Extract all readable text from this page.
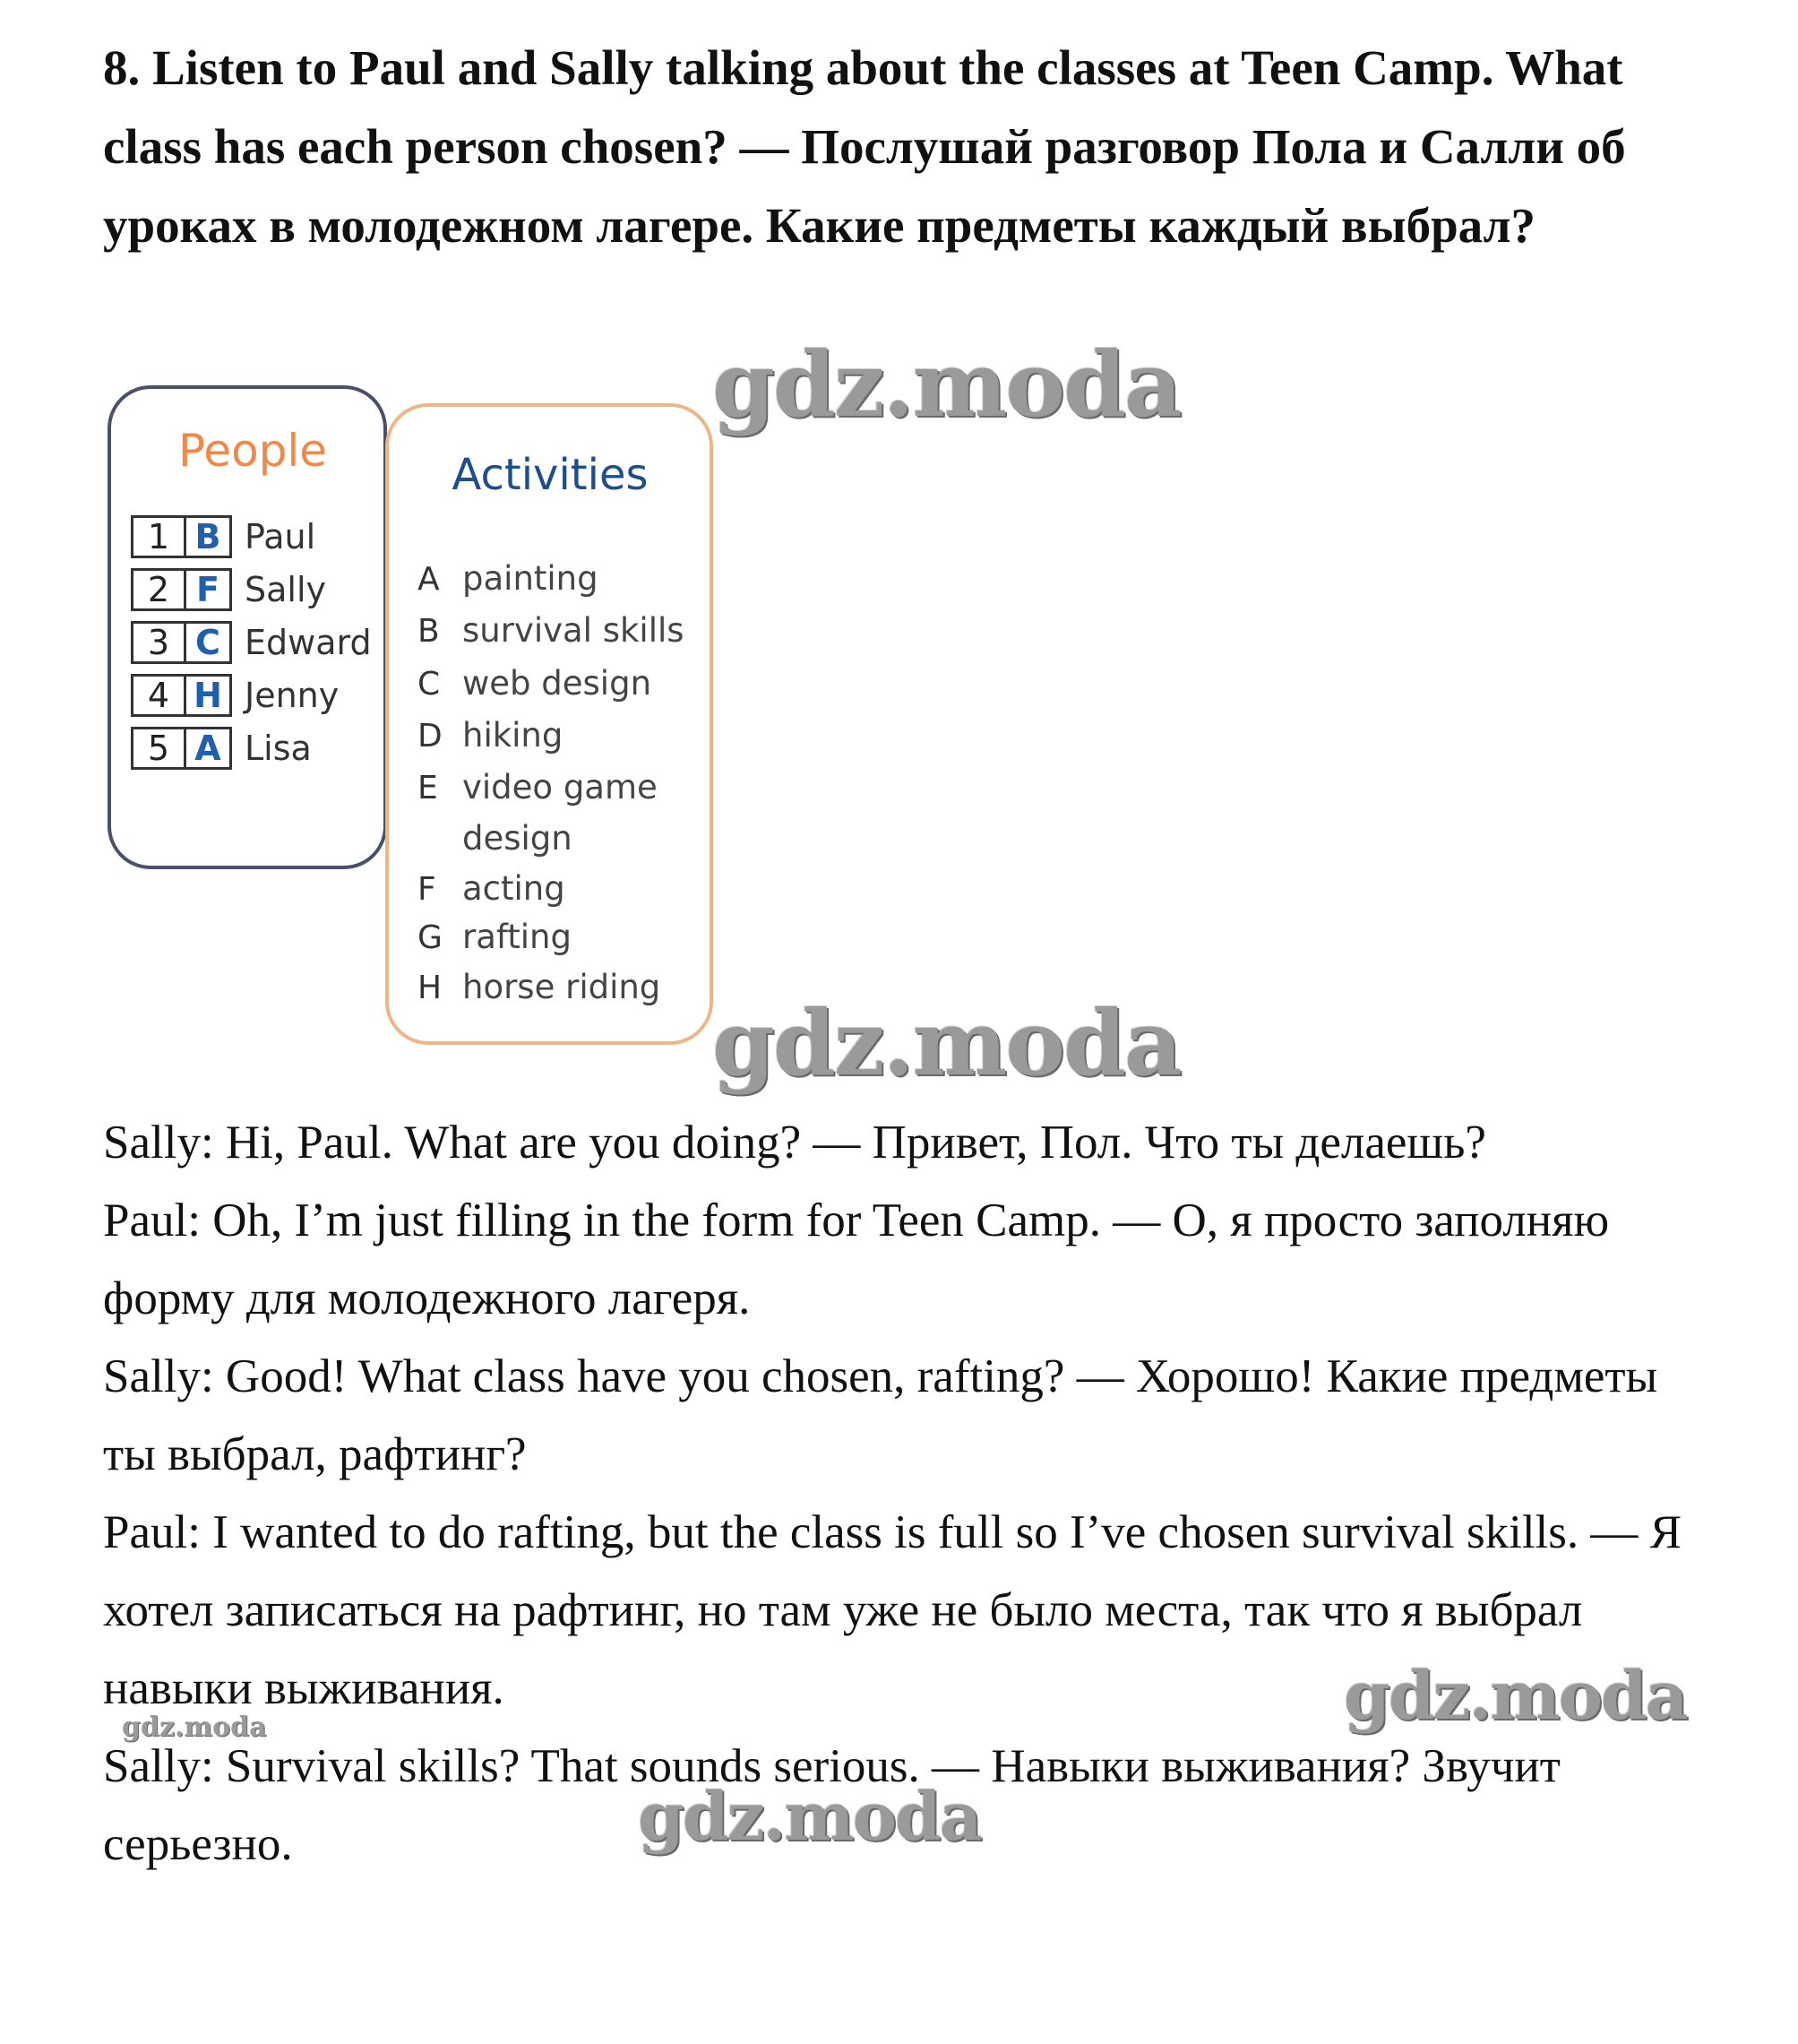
8. Listen to Paul and Sally talking about the classes at Teen Camp. What class has each person chosen? — Послушай разговор Пола и Салли об уроках в молодежном лагере. Какие предметы каждый выбрал?
People
1 B Paul
2 F Sally
3 C Edward
4 H Jenny
5 A Lisa
Activities
A painting
B survival skills
C web design
D hiking
E video game
design
F acting
G rafting
H horse riding

Sally: Hi, Paul. What are you doing? — Привет, Пол. Что ты делаешь?

Paul: Oh, I’m just filling in the form for Teen Camp. — О, я просто заполняю форму для молодежного лагеря.

Sally: Good! What class have you chosen, rafting? — Хорошо! Какие предметы ты выбрал, рафтинг?

Paul: I wanted to do rafting, but the class is full so I’ve chosen survival skills. — Я хотел записаться на рафтинг, но там уже не было места, так что я выбрал навыки выживания.

Sally: Survival skills? That sounds serious. — Навыки выживания? Звучит серьезно.

gdz.moda
gdz.moda
gdz.moda
gdz.moda
gdz.moda
